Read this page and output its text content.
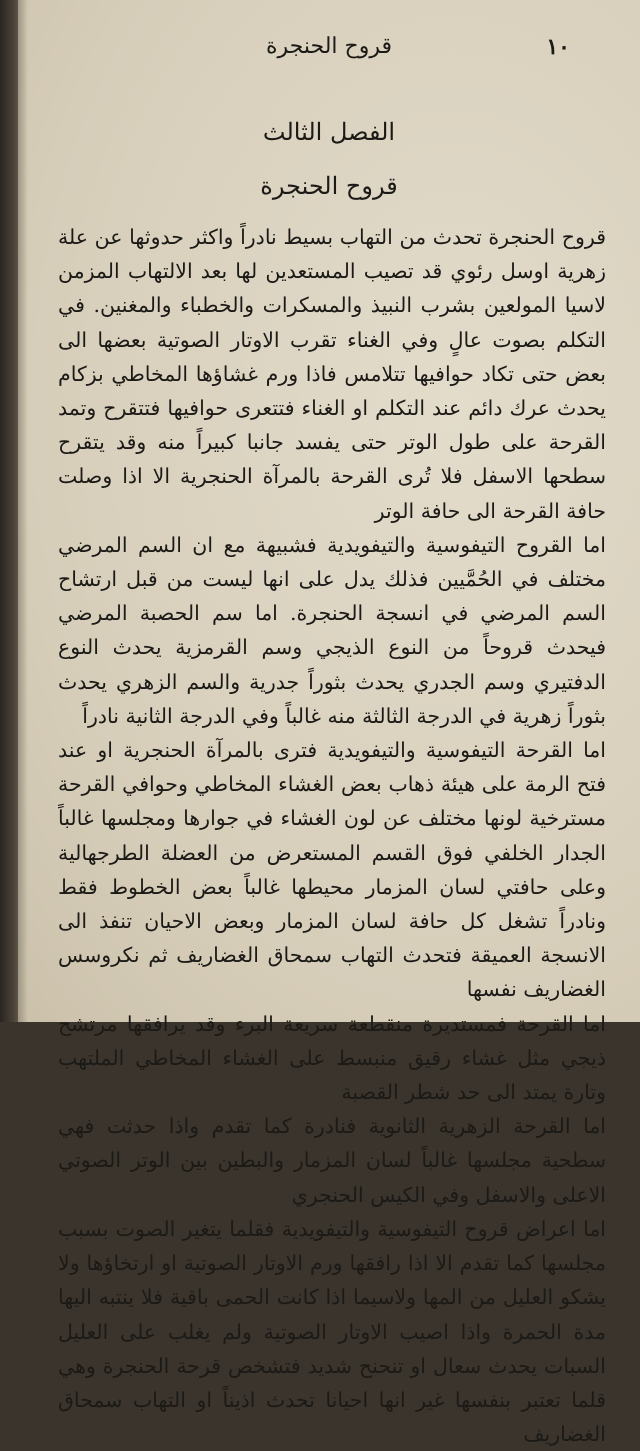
١٠
قروح الحنجرة
الفصل الثالث
قروح الحنجرة

قروح الحنجرة تحدث من التهاب بسيط نادراً واكثر حدوثها عن علة زهرية اوسل رئوي قد تصيب المستعدين لها بعد الالتهاب المزمن لاسيا المولعين بشرب النبيذ والمسكرات والخطباء والمغنين. في التكلم بصوت عالٍ وفي الغناء تقرب الاوتار الصوتية بعضها الى بعض حتى تكاد حوافيها تتلامس فاذا ورم غشاؤها المخاطي بزكام يحدث عرك دائم عند التكلم او الغناء فتتعرى حوافيها فتتقرح وتمد القرحة على طول الوتر حتى يفسد جانبا كبيراً منه وقد يتقرح سطحها الاسفل فلا تُرى القرحة بالمرآة الحنجرية الا اذا وصلت حافة القرحة الى حافة الوتر

اما القروح التيفوسية والتيفويدية فشبيهة مع ان السم المرضي مختلف في الحُمَّيين فذلك يدل على انها ليست من قبل ارتشاح السم المرضي في انسجة الحنجرة. اما سم الحصبة المرضي فيحدث قروحاً من النوع الذيجي وسم القرمزية يحدث النوع الدفتيري وسم الجدري يحدث بثوراً جدرية والسم الزهري يحدث بثوراً زهرية في الدرجة الثالثة منه غالباً وفي الدرجة الثانية نادراً

اما القرحة التيفوسية والتيفويدية فترى بالمرآة الحنجرية او عند فتح الرمة على هيئة ذهاب بعض الغشاء المخاطي وحوافي القرحة مسترخية لونها مختلف عن لون الغشاء في جوارها ومجلسها غالباً الجدار الخلفي فوق القسم المستعرض من العضلة الطرجهالية وعلى حافتي لسان المزمار محيطها غالباً بعض الخطوط فقط ونادراً تشغل كل حافة لسان المزمار وبعض الاحيان تنفذ الى الانسجة العميقة فتحدث التهاب سمحاق الغضاريف ثم نكروسس الغضاريف نفسها

اما القرحة فمستديرة منقطعة سريعة البرء وقد يرافقها مرتشح ذيجي مثل غشاء رقيق منبسط على الغشاء المخاطي الملتهب وتارة يمتد الى حد شطر القصبة

اما القرحة الزهرية الثانوية فنادرة كما تقدم واذا حدثت فهي سطحية مجلسها غالباً لسان المزمار والبطين بين الوتر الصوتي الاعلى والاسفل وفي الكيس الحنجري

اما اعراض قروح التيفوسية والتيفويدية فقلما يتغير الصوت بسبب مجلسها كما تقدم الا اذا رافقها ورم الاوتار الصوتية او ارتخاؤها ولا يشكو العليل من المها ولاسيما اذا كانت الحمى باقية فلا ينتبه اليها مدة الحمرة واذا اصيب الاوتار الصوتية ولم يغلب على العليل السبات يحدث سعال او تنحنح شديد فتشخص قرحة الحنجرة وهي قلما تعتبر بنفسها غير انها احيانا تحدث اذيناً او التهاب سمحاق الغضاريف
